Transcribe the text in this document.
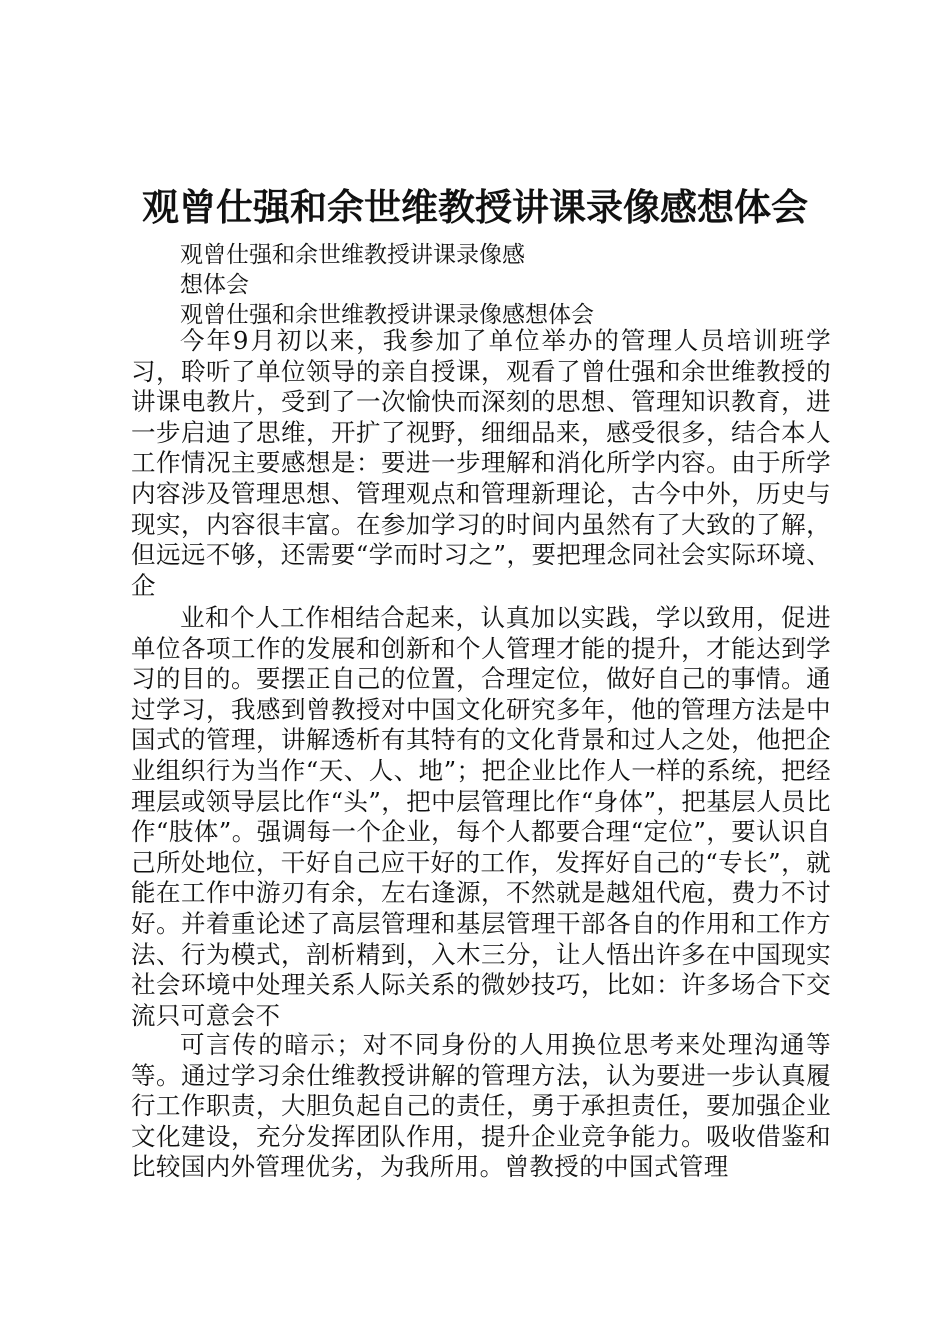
观曾仕强和余世维教授讲课录像感想体会
观曾仕强和余世维教授讲课录像感
想体会
观曾仕强和余世维教授讲课录像感想体会

今年9月初以来，我参加了单位举办的管理人员培训班学习，聆听了单位领导的亲自授课，观看了曾仕强和余世维教授的讲课电教片，受到了一次愉快而深刻的思想、管理知识教育，进一步启迪了思维，开扩了视野，细细品来，感受很多，结合本人工作情况主要感想是：要进一步理解和消化所学内容。由于所学内容涉及管理思想、管理观点和管理新理论，古今中外，历史与现实，内容很丰富。在参加学习的时间内虽然有了大致的了解，但远远不够，还需要“学而时习之”，要把理念同社会实际环境、企

业和个人工作相结合起来，认真加以实践，学以致用，促进单位各项工作的发展和创新和个人管理才能的提升，才能达到学习的目的。要摆正自己的位置，合理定位，做好自己的事情。通过学习，我感到曾教授对中国文化研究多年，他的管理方法是中国式的管理，讲解透析有其特有的文化背景和过人之处，他把企业组织行为当作“天、人、地”；把企业比作人一样的系统，把经理层或领导层比作“头”，把中层管理比作“身体”，把基层人员比作“肢体”。强调每一个企业，每个人都要合理“定位”，要认识自己所处地位，干好自己应干好的工作，发挥好自己的“专长”，就能在工作中游刃有余，左右逢源，不然就是越俎代庖，费力不讨好。并着重论述了高层管理和基层管理干部各自的作用和工作方法、行为模式，剖析精到，入木三分，让人悟出许多在中国现实社会环境中处理关系人际关系的微妙技巧，比如：许多场合下交流只可意会不

可言传的暗示；对不同身份的人用换位思考来处理沟通等等。通过学习余仕维教授讲解的管理方法，认为要进一步认真履行工作职责，大胆负起自己的责任，勇于承担责任，要加强企业文化建设，充分发挥团队作用，提升企业竞争能力。吸收借鉴和比较国内外管理优劣，为我所用。曾教授的中国式管理
